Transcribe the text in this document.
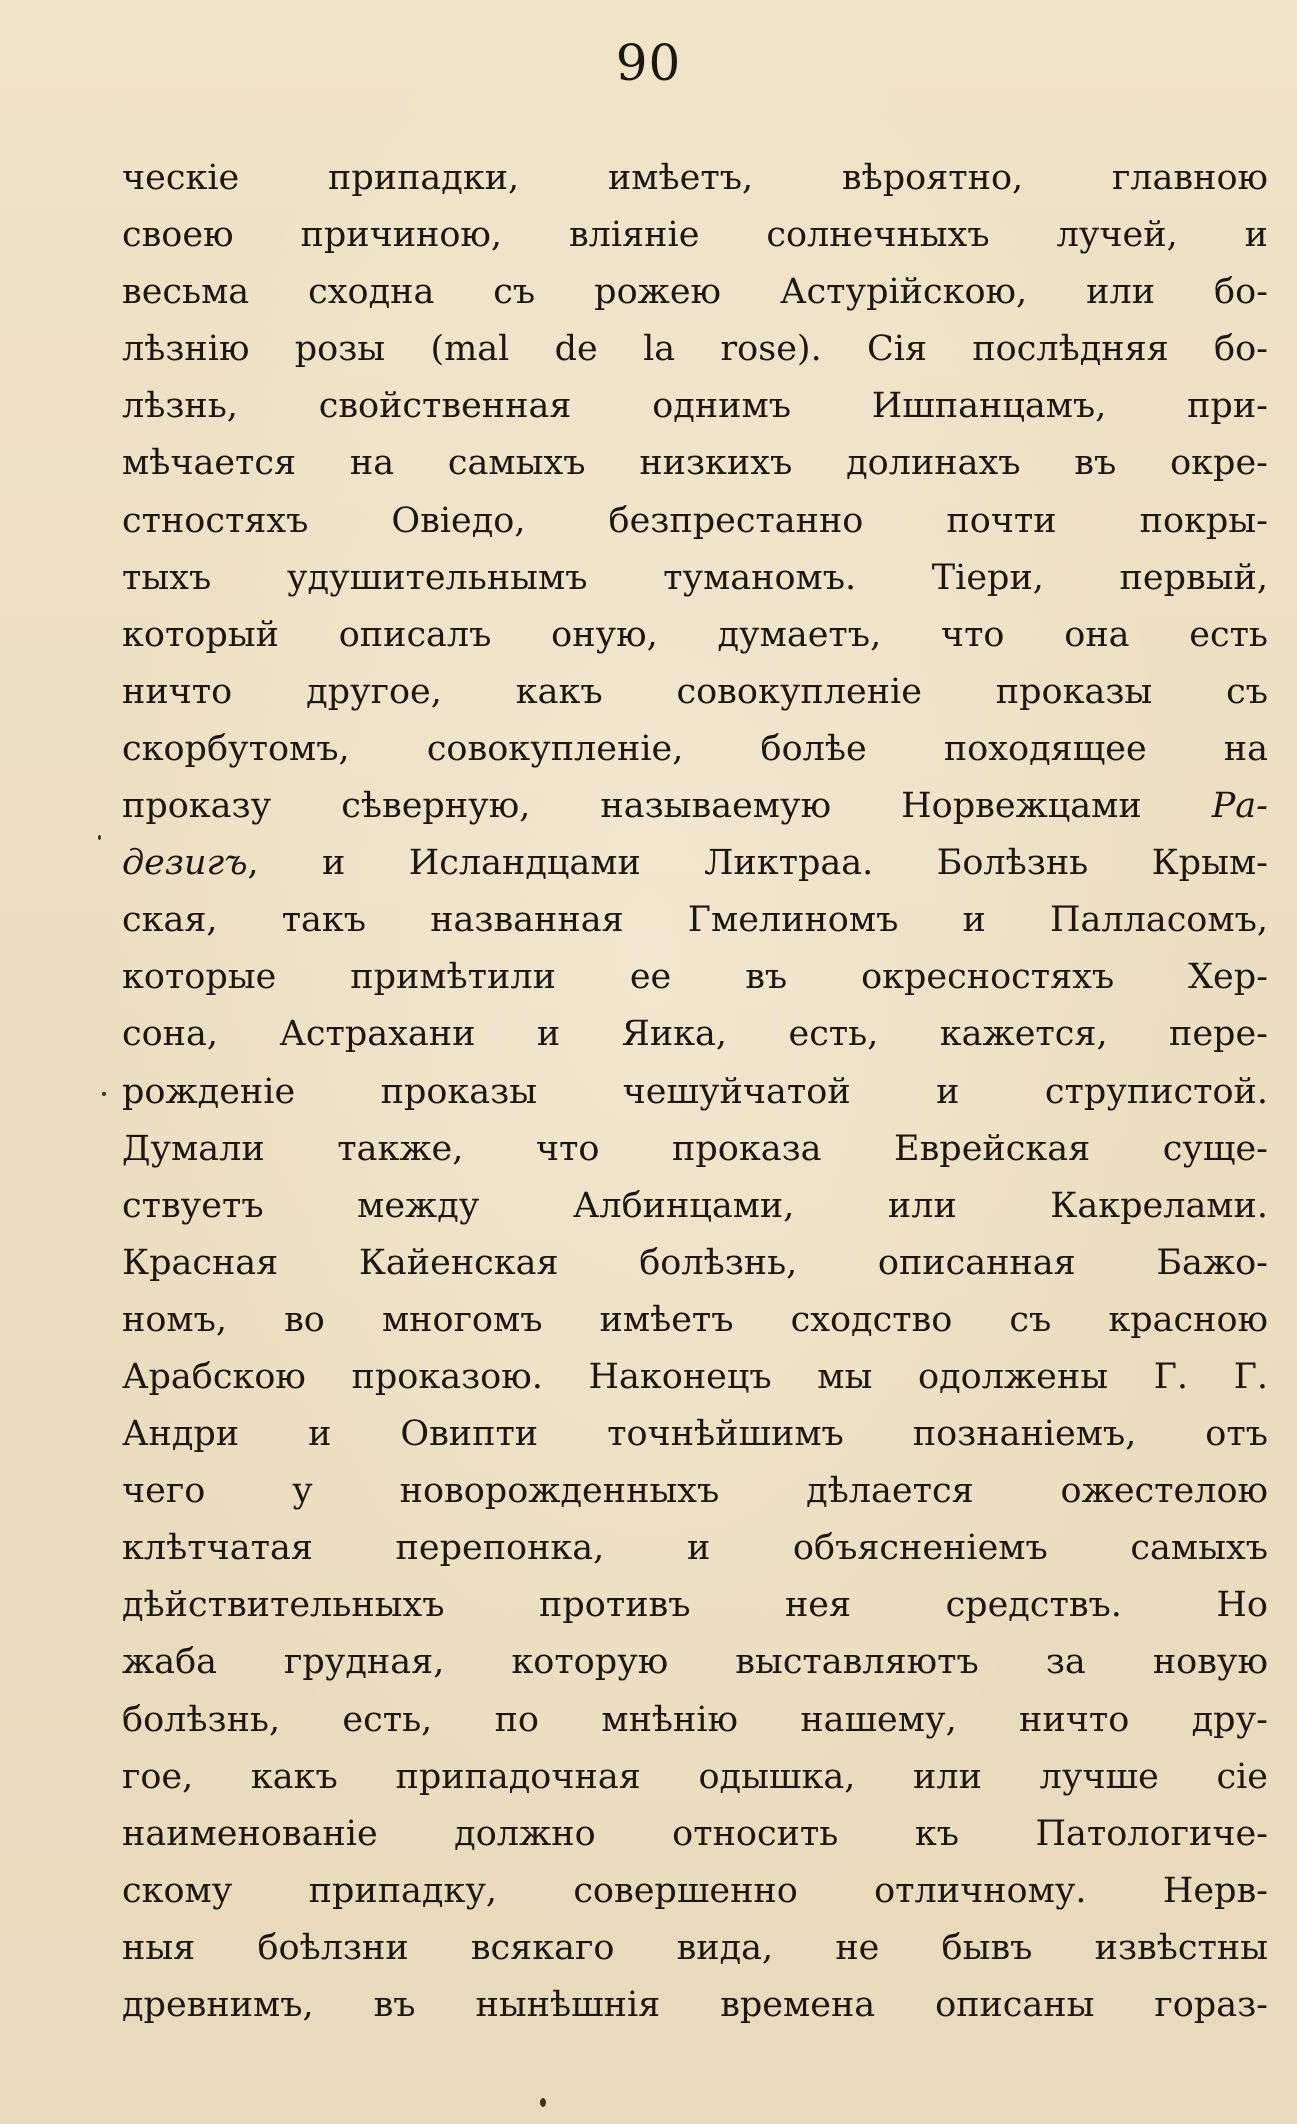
90
ческіе припадки, имѣетъ, вѣроятно, главною
своею причиною, вліяніе солнечныхъ лучей, и
весьма сходна съ рожею Астурійскою, или бо-
лѣзнію розы (mal de la rose). Сія послѣдняя бо-
лѣзнь, свойственная однимъ Ишпанцамъ, при-
мѣчается на самыхъ низкихъ долинахъ въ окре-
стностяхъ Овіедо, безпрестанно почти покры-
тыхъ удушительнымъ туманомъ. Тіери, первый,
который описалъ оную, думаетъ, что она есть
ничто другое, какъ совокупленіе проказы съ
скорбутомъ, совокупленіе, болѣе походящее на
проказу сѣверную, называемую Норвежцами Ра-
дезигъ, и Исландцами Ликтраа. Болѣзнь Крым-
ская, такъ названная Гмелиномъ и Палласомъ,
которые примѣтили ее въ окресностяхъ Хер-
сона, Астрахани и Яика, есть, кажется, пере-
рожденіе проказы чешуйчатой и струпистой.
Думали также, что проказа Еврейская суще-
ствуетъ между Албинцами, или Какрелами.
Красная Кайенская болѣзнь, описанная Бажо-
номъ, во многомъ имѣетъ сходство съ красною
Арабскою проказою. Наконецъ мы одолжены Г. Г.
Андри и Овипти точнѣйшимъ познаніемъ, отъ
чего у новорожденныхъ дѣлается ожестелою
клѣтчатая перепонка, и объясненіемъ самыхъ
дѣйствительныхъ противъ нея средствъ. Но
жаба грудная, которую выставляютъ за новую
болѣзнь, есть, по мнѣнію нашему, ничто дру-
гое, какъ припадочная одышка, или лучше сіе
наименованіе должно относить къ Патологиче-
скому припадку, совершенно отличному. Нерв-
ныя боѣлзни всякаго вида, не бывъ извѣстны
древнимъ, въ нынѣшнія времена описаны гораз-
